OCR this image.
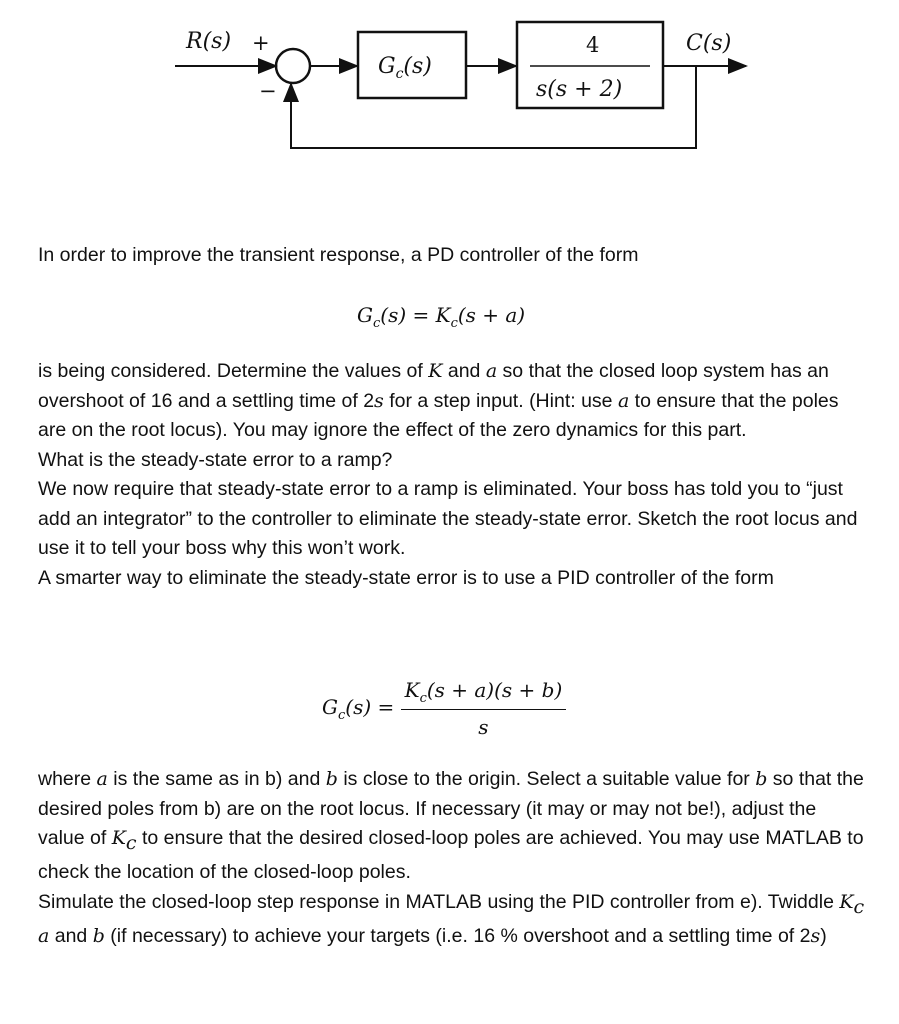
R(s) +
−
$G_c(s)$
4
s(s + 2)
C(s)

In order to improve the transient response, a PD controller of the form

$G_c(s) = K_c(s + a)$

is being considered. Determine the values of K and a so that the closed loop system has an overshoot of 16 and a settling time of 2s for a step input. (Hint: use a to ensure that the poles are on the root locus). You may ignore the effect of the zero dynamics for this part.

What is the steady-state error to a ramp?

We now require that steady-state error to a ramp is eliminated. Your boss has told you to “just add an integrator” to the controller to eliminate the steady-state error. Sketch the root locus and use it to tell your boss why this won’t work.

A smarter way to eliminate the steady-state error is to use a PID controller of the form

$G_c(s) = \frac{K_c(s + a)(s + b)}{s}$

where a is the same as in b) and b is close to the origin. Select a suitable value for b so that the desired poles from b) are on the root locus. If necessary (it may or may not be!), adjust the value of $K_c$ to ensure that the desired closed-loop poles are achieved. You may use MATLAB to check the location of the closed-loop poles.

Simulate the closed-loop step response in MATLAB using the PID controller from e). Twiddle $K_c$ a and b (if necessary) to achieve your targets (i.e. 16 % overshoot and a settling time of 2s)
